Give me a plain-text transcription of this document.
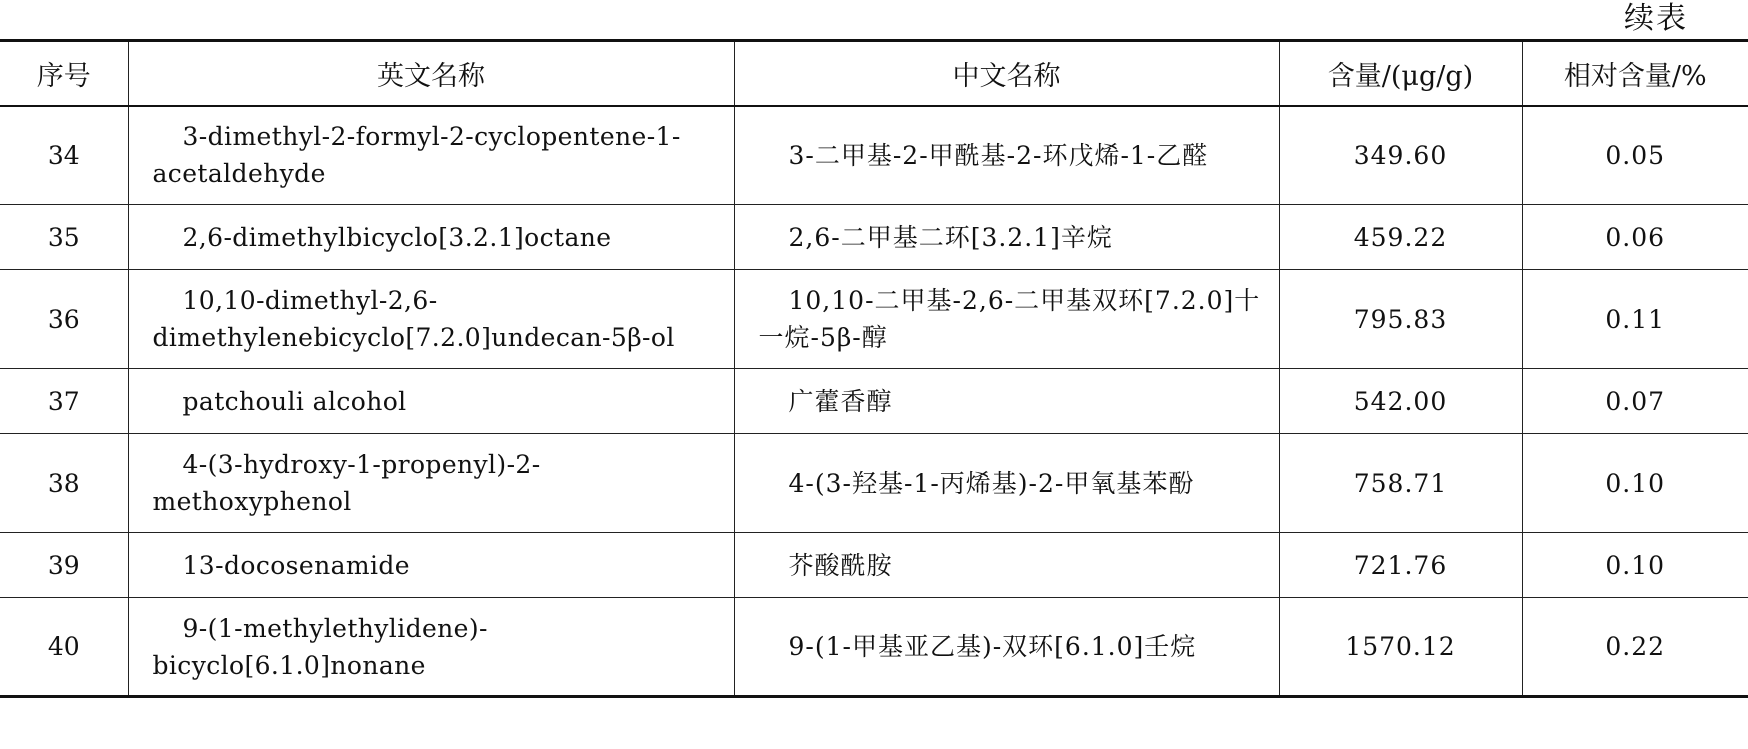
续表
序号	英文名称	中文名称	含量/(μg/g)	相对含量/%
34	3-dimethyl-2-formyl-2-cyclopentene-1-acetaldehyde	3-二甲基-2-甲酰基-2-环戊烯-1-乙醛	349.60	0.05
35	2,6-dimethylbicyclo[3.2.1]octane	2,6-二甲基二环[3.2.1]辛烷	459.22	0.06
36	10,10-dimethyl-2,6-dimethylenebicyclo[7.2.0]undecan-5β-ol	10,10-二甲基-2,6-二甲基双环[7.2.0]十一烷-5β-醇	795.83	0.11
37	patchouli alcohol	广藿香醇	542.00	0.07
38	4-(3-hydroxy-1-propenyl)-2-methoxyphenol	4-(3-羟基-1-丙烯基)-2-甲氧基苯酚	758.71	0.10
39	13-docosenamide	芥酸酰胺	721.76	0.10
40	9-(1-methylethylidene)-bicyclo[6.1.0]nonane	9-(1-甲基亚乙基)-双环[6.1.0]壬烷	1570.12	0.22
